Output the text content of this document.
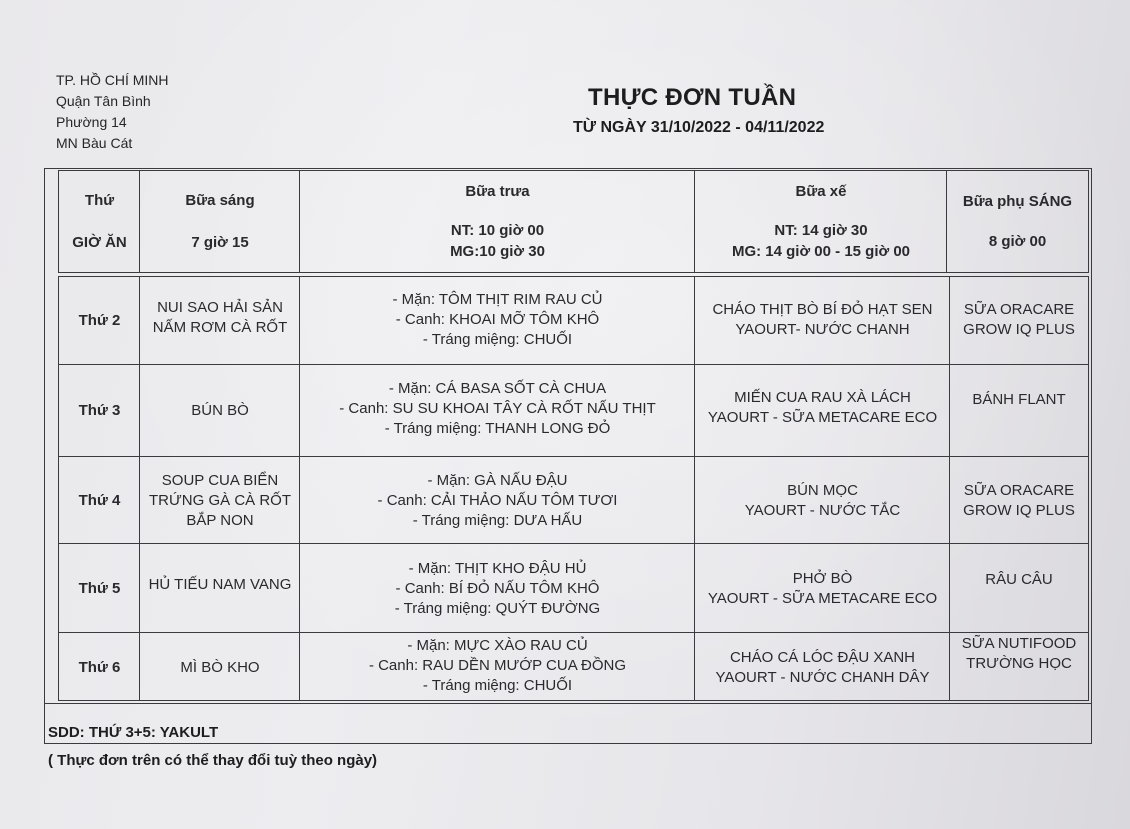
TP. HỒ CHÍ MINH
Quận Tân Bình
Phường 14
MN Bàu Cát
THỰC ĐƠN TUẦN
TỪ NGÀY 31/10/2022 - 04/11/2022
Thứ
GIỜ ĂN
Bữa sáng
7 giờ 15
Bữa trưa
NT: 10 giờ 00
MG:10 giờ 30
Bữa xế
NT: 14 giờ 30
MG: 14 giờ 00 - 15 giờ 00
Bữa phụ SÁNG
8 giờ 00
Thứ 2
NUI SAO HẢI SẢN
NẤM RƠM CÀ RỐT
- Mặn: TÔM THỊT RIM RAU CỦ
- Canh: KHOAI MỠ TÔM KHÔ
- Tráng miệng: CHUỐI
CHÁO THỊT BÒ BÍ ĐỎ HẠT SEN
YAOURT- NƯỚC CHANH
SỮA ORACARE
GROW IQ PLUS
Thứ 3	BÚN BÒ
- Mặn: CÁ BASA SỐT CÀ CHUA
- Canh: SU SU KHOAI TÂY CÀ RỐT NẤU THỊT
- Tráng miệng: THANH LONG ĐỎ
MIẾN CUA RAU XÀ LÁCH
YAOURT - SỮA METACARE ECO
BÁNH FLANT
Thứ 4
SOUP CUA BIỂN
TRỨNG GÀ CÀ RỐT
BẮP NON
- Mặn: GÀ NẤU ĐẬU
- Canh: CẢI THẢO NẤU TÔM TƯƠI
- Tráng miệng: DƯA HẤU
BÚN MỌC
YAOURT - NƯỚC TẮC
SỮA ORACARE
GROW IQ PLUS
Thứ 5 HỦ TIẾU NAM VANG
- Mặn: THỊT KHO ĐẬU HỦ
- Canh: BÍ ĐỎ NẤU TÔM KHÔ
- Tráng miệng: QUÝT ĐƯỜNG
PHỞ BÒ
YAOURT - SỮA METACARE ECO
RÂU CÂU
Thứ 6	MÌ BÒ KHO
- Mặn: MỰC XÀO RAU CỦ
- Canh: RAU DỀN MƯỚP CUA ĐỒNG
- Tráng miệng: CHUỐI
CHÁO CÁ LÓC ĐẬU XANH
YAOURT - NƯỚC CHANH DÂY
SỮA NUTIFOOD
TRƯỜNG HỌC
SDD: THỨ 3+5: YAKULT
( Thực đơn trên có thể thay đổi tuỳ theo ngày)
